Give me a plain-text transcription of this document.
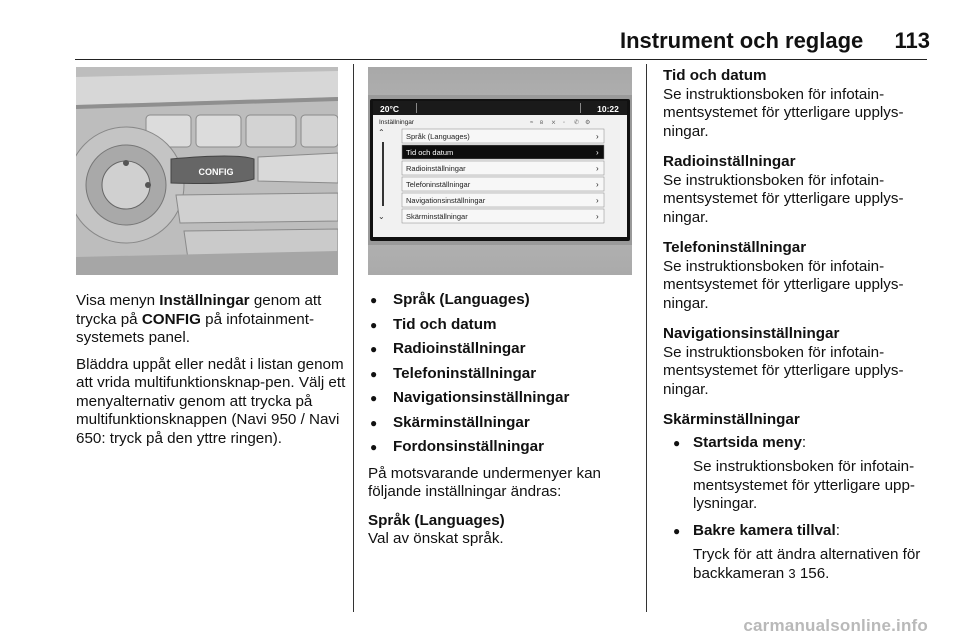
Instrument och reglage	113
CONFIG

Visa menyn Inställningar genom att trycka på CONFIG på infotainment-systemets panel.

Bläddra uppåt eller nedåt i listan genom att vrida multifunktionsknap-pen. Välj ett menyalternativ genom att trycka på multifunktionsknappen (Navi 950 / Navi 650: tryck på den yttre ringen).

20°C	10:22
Inställningar	≈ ʙ ⨯ ◦ ✆ ⚙
⌃
⌄
Språk (Languages)	›
Tid och datum	›
Radioinställningar	›
Telefoninställningar	›
Navigationsinställningar	›
Skärminställningar	›
● Språk (Languages)
● Tid och datum
● Radioinställningar
● Telefoninställningar
● Navigationsinställningar
● Skärminställningar
● Fordonsinställningar

På motsvarande undermenyer kan följande inställningar ändras:

Språk (Languages)
Val av önskat språk.
Tid och datum
Se instruktionsboken för infotain-mentsystemet för ytterligare upplys-ningar.
Radioinställningar
Se instruktionsboken för infotain-mentsystemet för ytterligare upplys-ningar.
Telefoninställningar
Se instruktionsboken för infotain-mentsystemet för ytterligare upplys-ningar.
Navigationsinställningar
Se instruktionsboken för infotain-mentsystemet för ytterligare upplys-ningar.
Skärminställningar
● Startsida meny:
Se instruktionsboken för infotain-mentsystemet för ytterligare upp-lysningar.
● Bakre kamera tillval:
Tryck för att ändra alternativen för backkameran 3 156.
carmanualsonline.info
